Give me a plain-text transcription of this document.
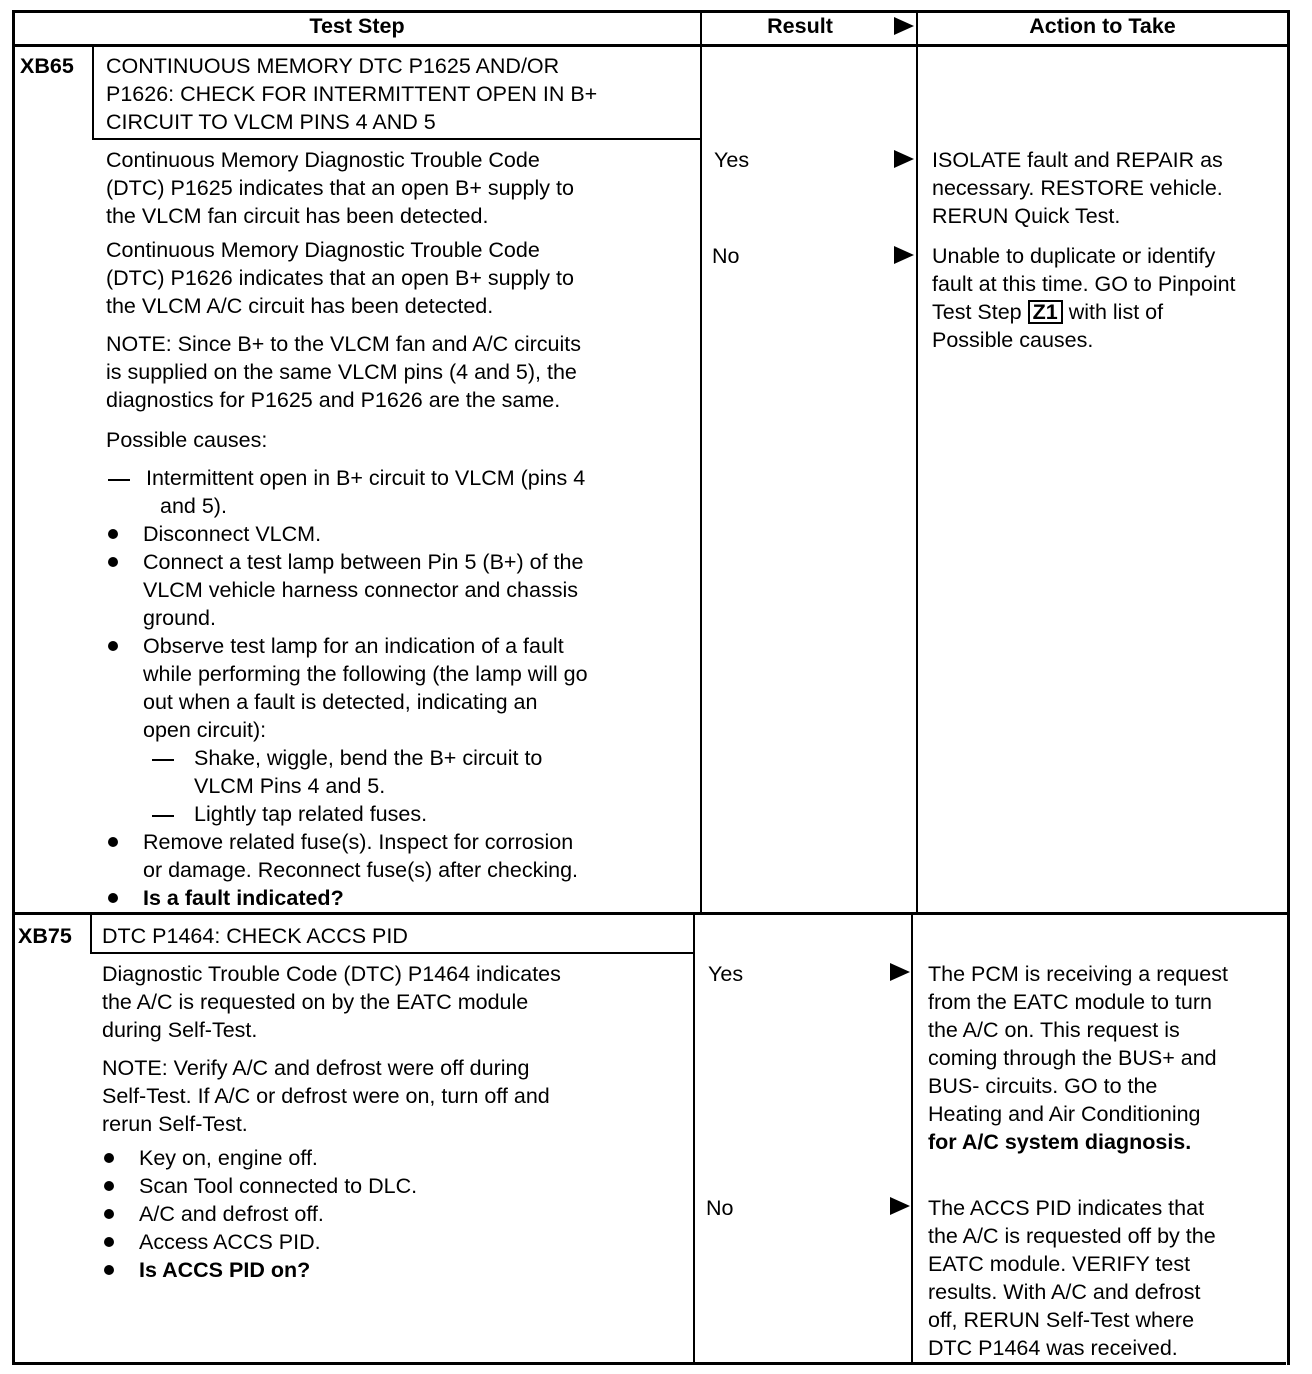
Test Step	Result	Action to Take
XB65 CONTINUOUS MEMORY DTC P1625 AND/OR
P1626: CHECK FOR INTERMITTENT OPEN IN B+
CIRCUIT TO VLCM PINS 4 AND 5
Continuous Memory Diagnostic Trouble Code
(DTC) P1625 indicates that an open B+ supply to
the VLCM fan circuit has been detected.
Continuous Memory Diagnostic Trouble Code
(DTC) P1626 indicates that an open B+ supply to
the VLCM A/C circuit has been detected.
NOTE: Since B+ to the VLCM fan and A/C circuits
is supplied on the same VLCM pins (4 and 5), the
diagnostics for P1625 and P1626 are the same.
Possible causes:
Intermittent open in B+ circuit to VLCM (pins 4
and 5).
Disconnect VLCM.
Connect a test lamp between Pin 5 (B+) of the
VLCM vehicle harness connector and chassis
ground.
Observe test lamp for an indication of a fault
while performing the following (the lamp will go
out when a fault is detected, indicating an
open circuit):
Shake, wiggle, bend the B+ circuit to
VLCM Pins 4 and 5.
Lightly tap related fuses.
Remove related fuse(s). Inspect for corrosion
or damage. Reconnect fuse(s) after checking.
Is a fault indicated?
Yes
No
ISOLATE fault and REPAIR as
necessary. RESTORE vehicle.
RERUN Quick Test.
Unable to duplicate or identify
fault at this time. GO to Pinpoint
Test Step Z1 with list of
Possible causes.
XB75 DTC P1464: CHECK ACCS PID
Diagnostic Trouble Code (DTC) P1464 indicates
the A/C is requested on by the EATC module
during Self-Test.
NOTE: Verify A/C and defrost were off during
Self-Test. If A/C or defrost were on, turn off and
rerun Self-Test.
Key on, engine off.
Scan Tool connected to DLC.
A/C and defrost off.
Access ACCS PID.
Is ACCS PID on?
Yes
No
The PCM is receiving a request
from the EATC module to turn
the A/C on. This request is
coming through the BUS+ and
BUS- circuits. GO to the
Heating and Air Conditioning
for A/C system diagnosis.
The ACCS PID indicates that
the A/C is requested off by the
EATC module. VERIFY test
results. With A/C and defrost
off, RERUN Self-Test where
DTC P1464 was received.
